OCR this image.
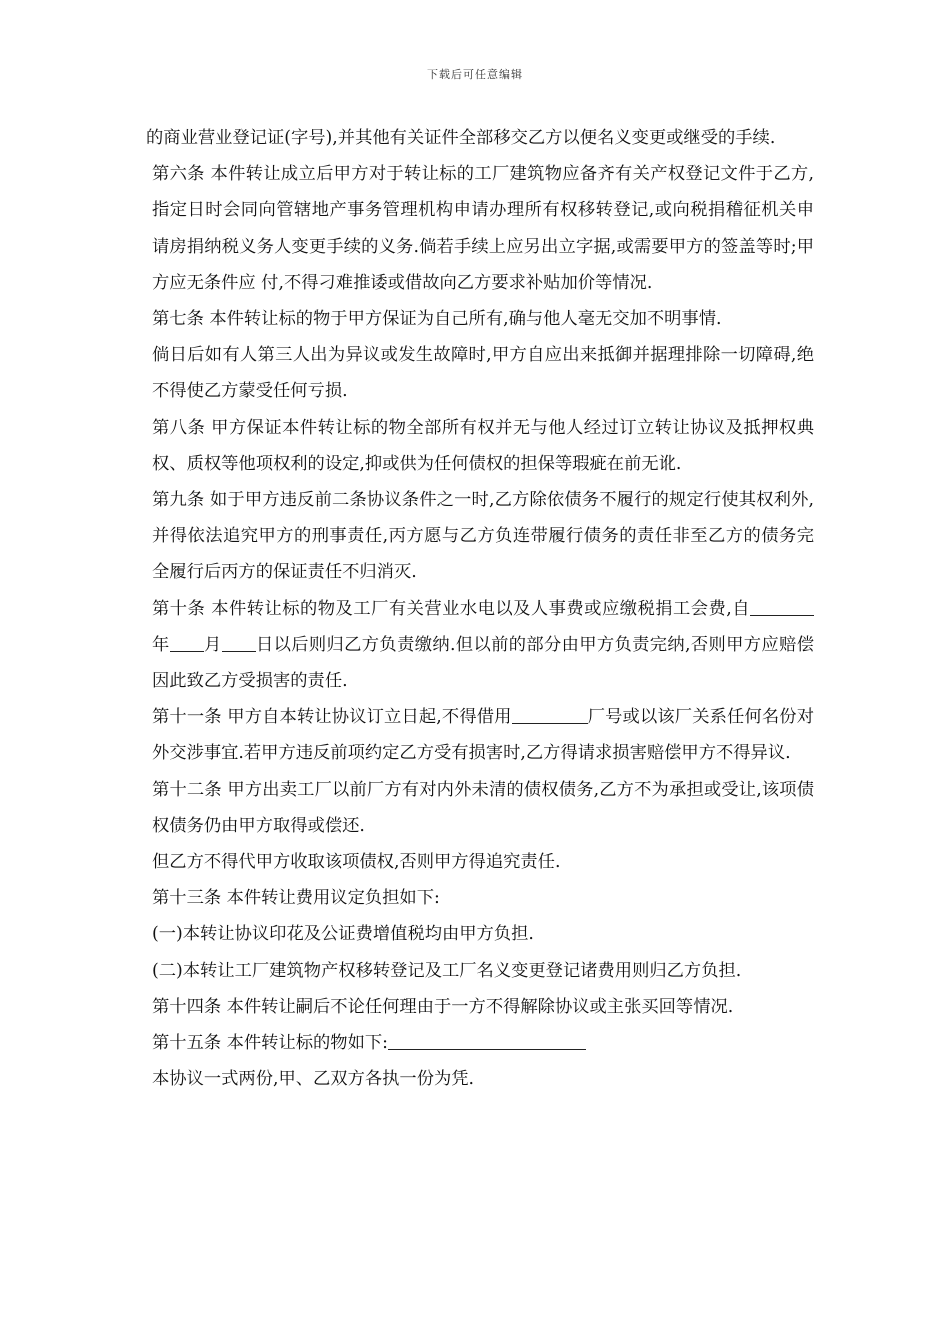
下载后可任意编辑

的商业营业登记证(字号),并其他有关证件全部移交乙方以便名义变更或继受的手续.

第六条 本件转让成立后甲方对于转让标的工厂建筑物应备齐有关产权登记文件于乙方,指定日时会同向管辖地产事务管理机构申请办理所有权移转登记,或向税捐稽征机关申请房捐纳税义务人变更手续的义务.倘若手续上应另出立字据,或需要甲方的签盖等时;甲方应无条件应 付,不得刁难推诿或借故向乙方要求补贴加价等情况.

第七条 本件转让标的物于甲方保证为自己所有,确与他人毫无交加不明事情.

倘日后如有人第三人出为异议或发生故障时,甲方自应出来抵御并据理排除一切障碍,绝不得使乙方蒙受任何亏损.

第八条 甲方保证本件转让标的物全部所有权并无与他人经过订立转让协议及抵押权典权、质权等他项权利的设定,抑或供为任何债权的担保等瑕疵在前无讹.

第九条 如于甲方违反前二条协议条件之一时,乙方除依债务不履行的规定行使其权利外,并得依法追究甲方的刑事责任,丙方愿与乙方负连带履行债务的责任非至乙方的债务完全履行后丙方的保证责任不归消灭.

第十条 本件转让标的物及工厂有关营业水电以及人事费或应缴税捐工会费,自年 月 日以后则归乙方负责缴纳.但以前的部分由甲方负责完纳,否则甲方应赔偿因此致乙方受损害的责任.

第十一条 甲方自本转让协议订立日起,不得借用	厂号或以该厂关系任何名份对外交涉事宜.若甲方违反前项约定乙方受有损害时,乙方得请求损害赔偿甲方不得异议.

第十二条 甲方出卖工厂以前厂方有对内外未清的债权债务,乙方不为承担或受让,该项债权债务仍由甲方取得或偿还.

但乙方不得代甲方收取该项债权,否则甲方得追究责任.

第十三条 本件转让费用议定负担如下:

(一)本转让协议印花及公证费增值税均由甲方负担.

(二)本转让工厂建筑物产权移转登记及工厂名义变更登记诸费用则归乙方负担.

第十四条 本件转让嗣后不论任何理由于一方不得解除协议或主张买回等情况.

第十五条 本件转让标的物如下:

本协议一式两份,甲、乙双方各执一份为凭.
